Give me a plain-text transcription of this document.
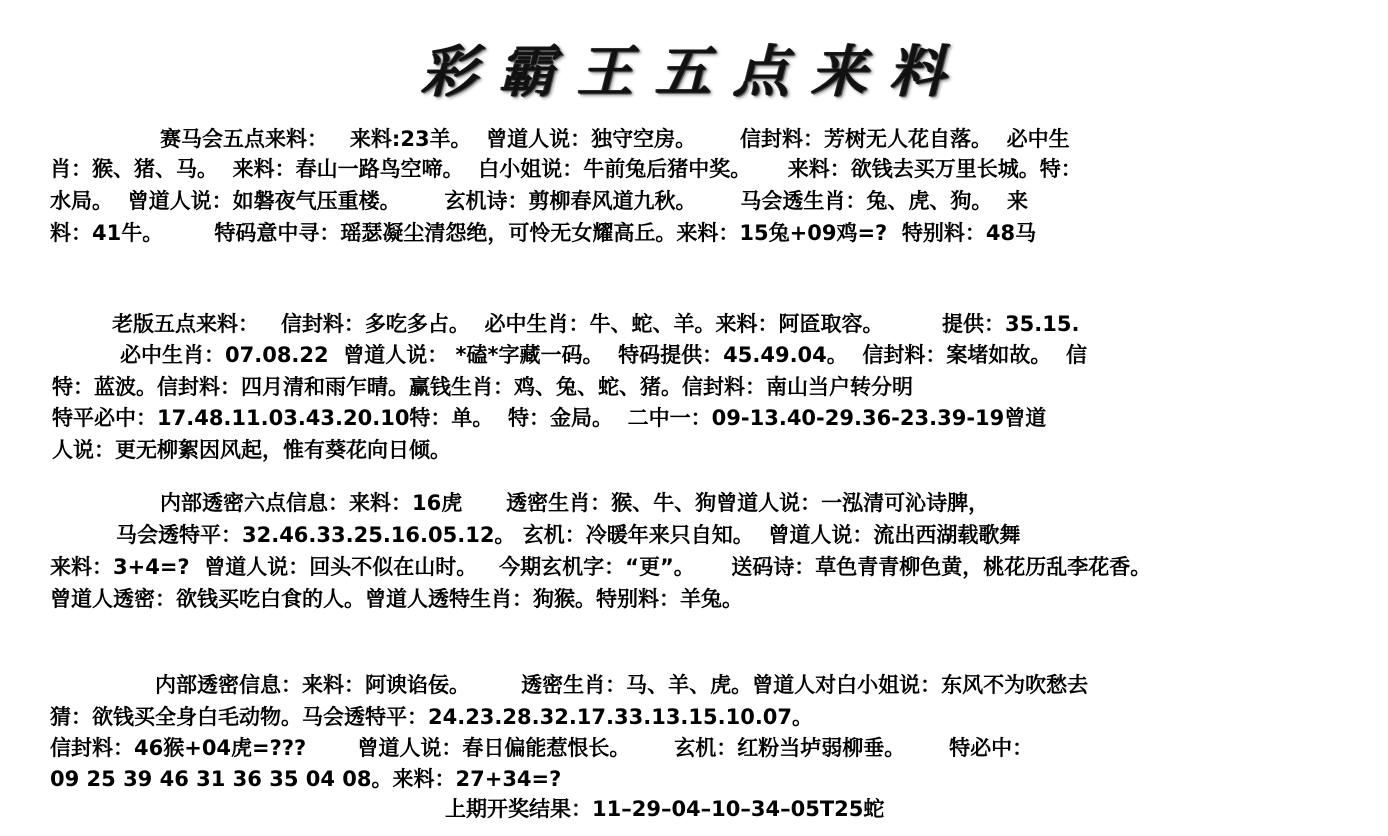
彩霸王五点来料
赛马会五点来料：   来料:23羊。  曾道人说：独守空房。      信封料：芳树无人花自落。  必中生
肖：猴、猪、马。  来料：春山一路鸟空啼。  白小姐说：牛前兔后猪中奖。     来料：欲钱去买万里长城。特：
水局。  曾道人说：如磐夜气压重楼。      玄机诗：剪柳春风道九秋。      马会透生肖：兔、虎、狗。  来
料：41牛。       特码意中寻：瑶瑟凝尘清怨绝，可怜无女耀高丘。来料：15兔+09鸡=?  特别料：48马
老版五点来料：   信封料：多吃多占。  必中生肖：牛、蛇、羊。来料：阿匼取容。        提供：35.15.
必中生肖：07.08.22  曾道人说： *磕*字藏一码。  特码提供：45.49.04。  信封料：案堵如故。  信
特：蓝波。信封料：四月清和雨乍晴。赢钱生肖：鸡、兔、蛇、猪。信封料：南山当户转分明
特平必中：17.48.11.03.43.20.10特：单。  特：金局。  二中一：09-13.40-29.36-23.39-19曾道
人说：更无柳絮因风起，惟有葵花向日倾。
内部透密六点信息：来料：16虎      透密生肖：猴、牛、狗曾道人说：一泓清可沁诗脾，
马会透特平：32.46.33.25.16.05.12。 玄机：冷暖年来只自知。  曾道人说：流出西湖载歌舞
来料：3+4=?  曾道人说：回头不似在山时。   今期玄机字：“更”。     送码诗：草色青青柳色黄，桃花历乱李花香。
曾道人透密：欲钱买吃白食的人。曾道人透特生肖：狗猴。特别料：羊兔。
内部透密信息：来料：阿谀谄佞。       透密生肖：马、羊、虎。曾道人对白小姐说：东风不为吹愁去
猜：欲钱买全身白毛动物。马会透特平：24.23.28.32.17.33.13.15.10.07。
信封料：46猴+04虎=???       曾道人说：春日偏能惹恨长。      玄机：红粉当垆弱柳垂。      特必中：
09 25 39 46 31 36 35 04 08。来料：27+34=?
上期开奖结果：11–29–04–10–34–05T25蛇
